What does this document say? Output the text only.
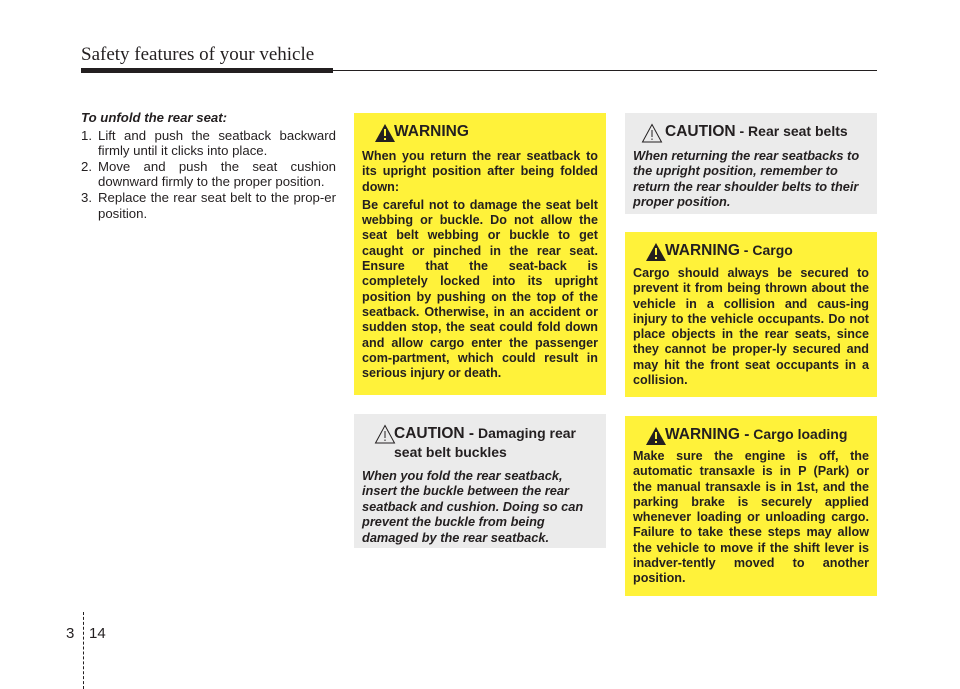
Safety features of your vehicle
To unfold the rear seat:
1. Lift and push the seatback backward firmly until it clicks into place.
2. Move and push the seat cushion downward firmly to the proper position.
3. Replace the rear seat belt to the prop-er position.
WARNING

When you return the rear seatback to its upright position after being folded down:

Be careful not to damage the seat belt webbing or buckle. Do not allow the seat belt webbing or buckle to get caught or pinched in the rear seat. Ensure that the seat-back is completely locked into its upright position by pushing on the top of the seatback. Otherwise, in an accident or sudden stop, the seat could fold down and allow cargo enter the passenger com-partment, which could result in serious injury or death.

CAUTION - Damaging rear seat belt buckles
When you fold the rear seatback, insert the buckle between the rear seatback and cushion. Doing so can prevent the buckle from being damaged by the rear seatback.
CAUTION - Rear seat belts
When returning the rear seatbacks to the upright position, remember to return the rear shoulder belts to their proper position.
WARNING - Cargo
Cargo should always be secured to prevent it from being thrown about the vehicle in a collision and caus-ing injury to the vehicle occupants. Do not place objects in the rear seats, since they cannot be proper-ly secured and may hit the front seat occupants in a collision.
WARNING - Cargo loading
Make sure the engine is off, the automatic transaxle is in P (Park) or the manual transaxle is in 1st, and the parking brake is securely applied whenever loading or unloading cargo. Failure to take these steps may allow the vehicle to move if the shift lever is inadver-tently moved to another position.
3 14
